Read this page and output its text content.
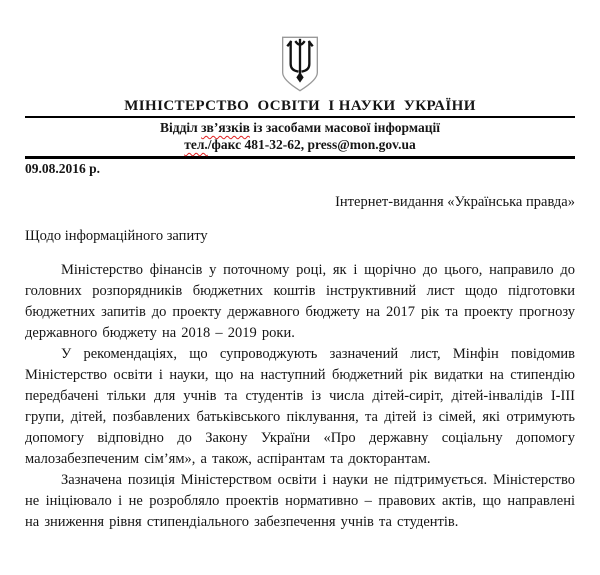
МІНІСТЕРСТВО  ОСВІТИ  І НАУКИ  УКРАЇНИ
Відділ зв’язків із засобами масової інформації
тел./факс 481-32-62, press@mon.gov.ua
09.08.2016 р.
Інтернет-видання «Українська правда»
Щодо інформаційного запиту

Міністерство фінансів у поточному році, як і щорічно до цього, направило до головних розпорядників бюджетних коштів інструктивний лист щодо підготовки бюджетних запитів до проекту державного бюджету на 2017 рік та проекту прогнозу державного бюджету на 2018 – 2019 роки.

У рекомендаціях, що супроводжують зазначений лист, Мінфін повідомив Міністерство освіти і науки, що на наступний бюджетний рік видатки на стипендію передбачені тільки для учнів та студентів із числа дітей-сиріт, дітей-інвалідів І-ІІІ групи, дітей, позбавлених батьківського піклування, та дітей із сімей, які отримують допомогу відповідно до Закону України «Про державну соціальну допомогу малозабезпеченим сім’ям», а також, аспірантам та докторантам.

Зазначена позиція Міністерством освіти і науки не підтримується. Міністерство не ініціювало і не розробляло проектів нормативно – правових актів, що направлені на зниження рівня стипендіального забезпечення учнів та студентів.
